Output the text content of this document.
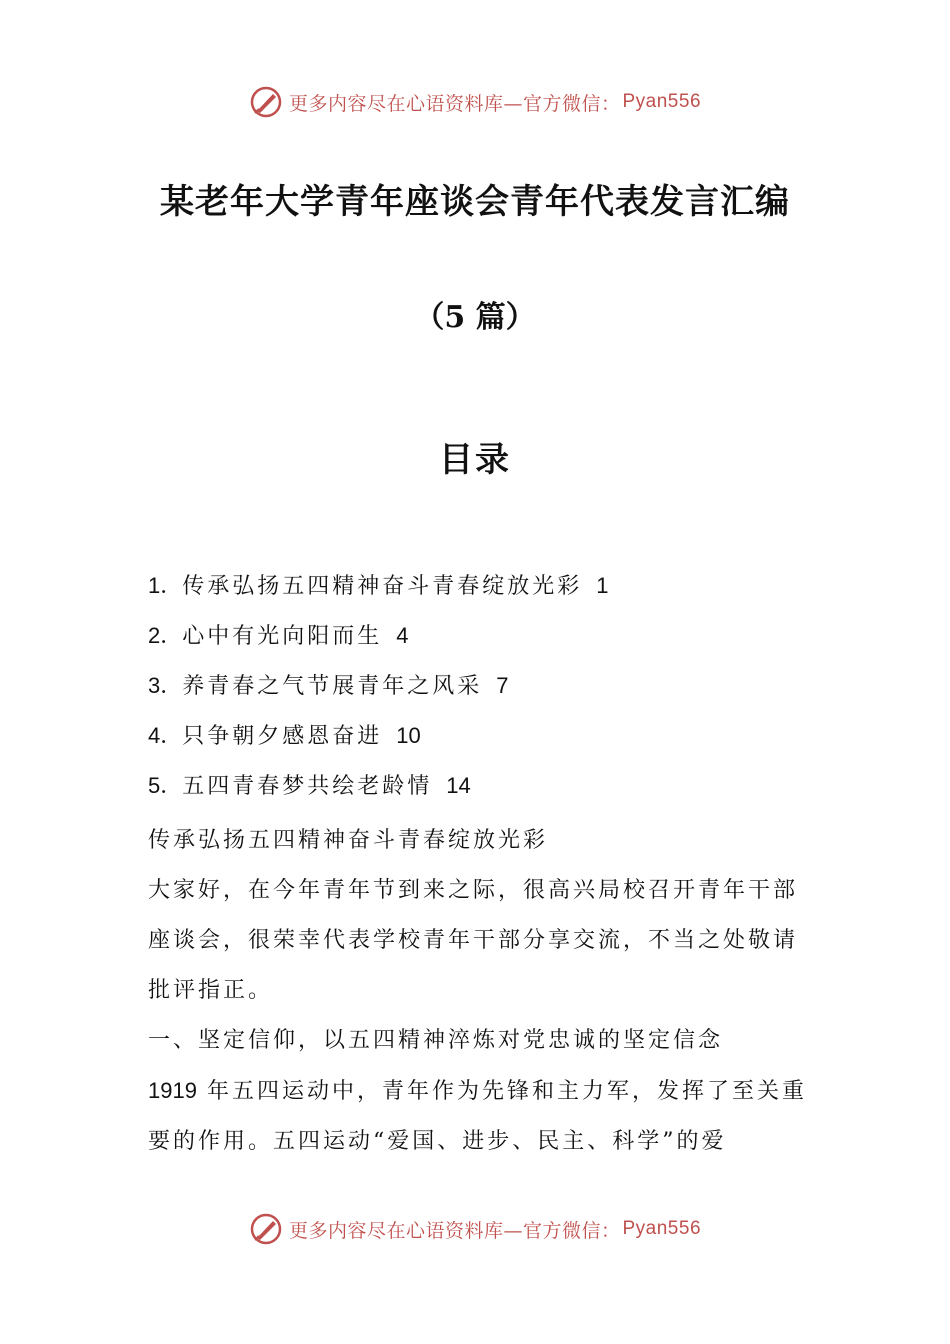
更多内容尽在心语资料库—官方微信： Pyan556
某老年大学青年座谈会青年代表发言汇编
（5 篇）
目录
1．传承弘扬五四精神奋斗青春绽放光彩 1
2．心中有光向阳而生 4
3．养青春之气节展青年之风采 7
4．只争朝夕感恩奋进 10
5．五四青春梦共绘老龄情 14

传承弘扬五四精神奋斗青春绽放光彩

大家好，在今年青年节到来之际，很高兴局校召开青年干部座谈会，很荣幸代表学校青年干部分享交流，不当之处敬请批评指正。

一、坚定信仰，以五四精神淬炼对党忠诚的坚定信念

1919 年五四运动中，青年作为先锋和主力军，发挥了至关重要的作用。五四运动“爱国、进步、民主、科学”的爱

更多内容尽在心语资料库—官方微信： Pyan556
